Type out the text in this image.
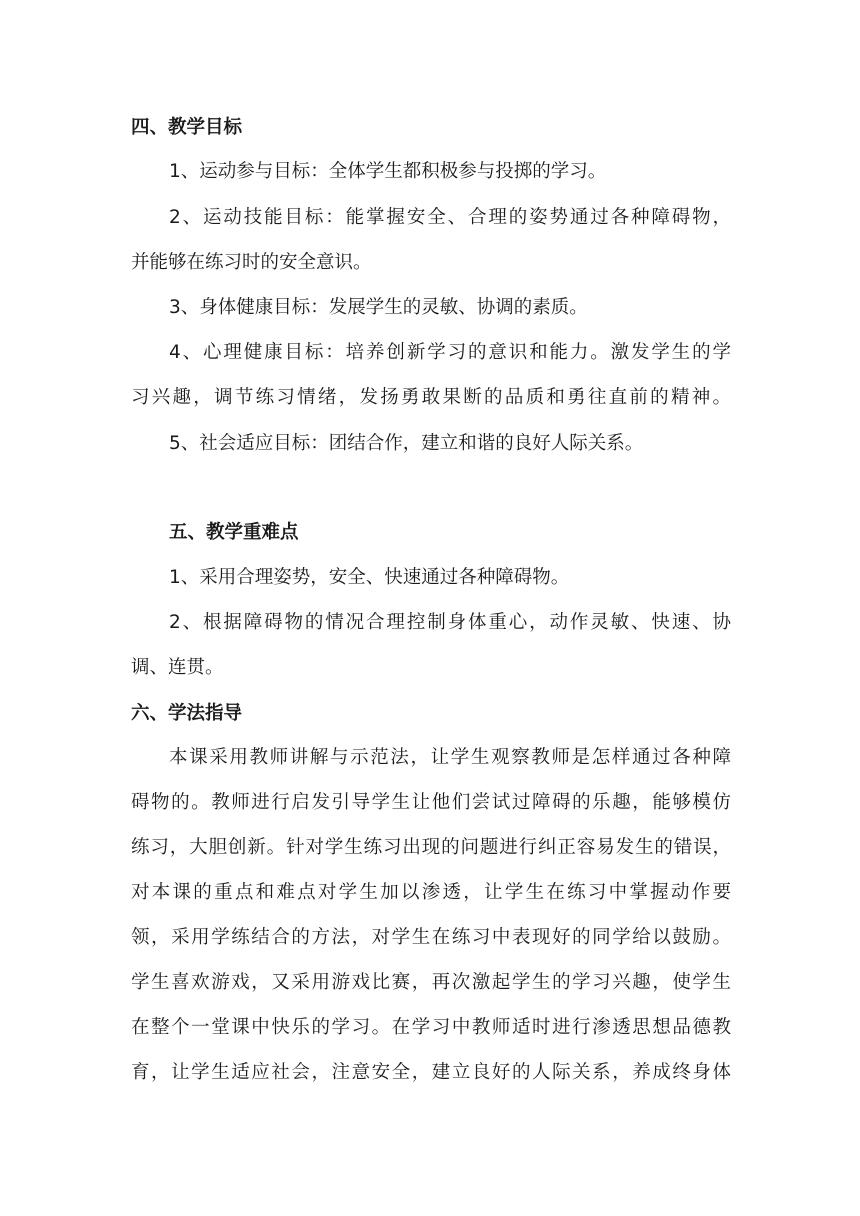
四、教学目标
1、运动参与目标：全体学生都积极参与投掷的学习。
2、运动技能目标：能掌握安全、合理的姿势通过各种障碍物，
并能够在练习时的安全意识。
3、身体健康目标：发展学生的灵敏、协调的素质。
4、心理健康目标：培养创新学习的意识和能力。激发学生的学
习兴趣，调节练习情绪，发扬勇敢果断的品质和勇往直前的精神。
5、社会适应目标：团结合作，建立和谐的良好人际关系。
五、教学重难点
1、采用合理姿势，安全、快速通过各种障碍物。
2、根据障碍物的情况合理控制身体重心，动作灵敏、快速、协
调、连贯。
六、学法指导
本课采用教师讲解与示范法，让学生观察教师是怎样通过各种障
碍物的。教师进行启发引导学生让他们尝试过障碍的乐趣，能够模仿
练习，大胆创新。针对学生练习出现的问题进行纠正容易发生的错误，
对本课的重点和难点对学生加以渗透，让学生在练习中掌握动作要
领，采用学练结合的方法，对学生在练习中表现好的同学给以鼓励。
学生喜欢游戏，又采用游戏比赛，再次激起学生的学习兴趣，使学生
在整个一堂课中快乐的学习。在学习中教师适时进行渗透思想品德教
育，让学生适应社会，注意安全，建立良好的人际关系，养成终身体
